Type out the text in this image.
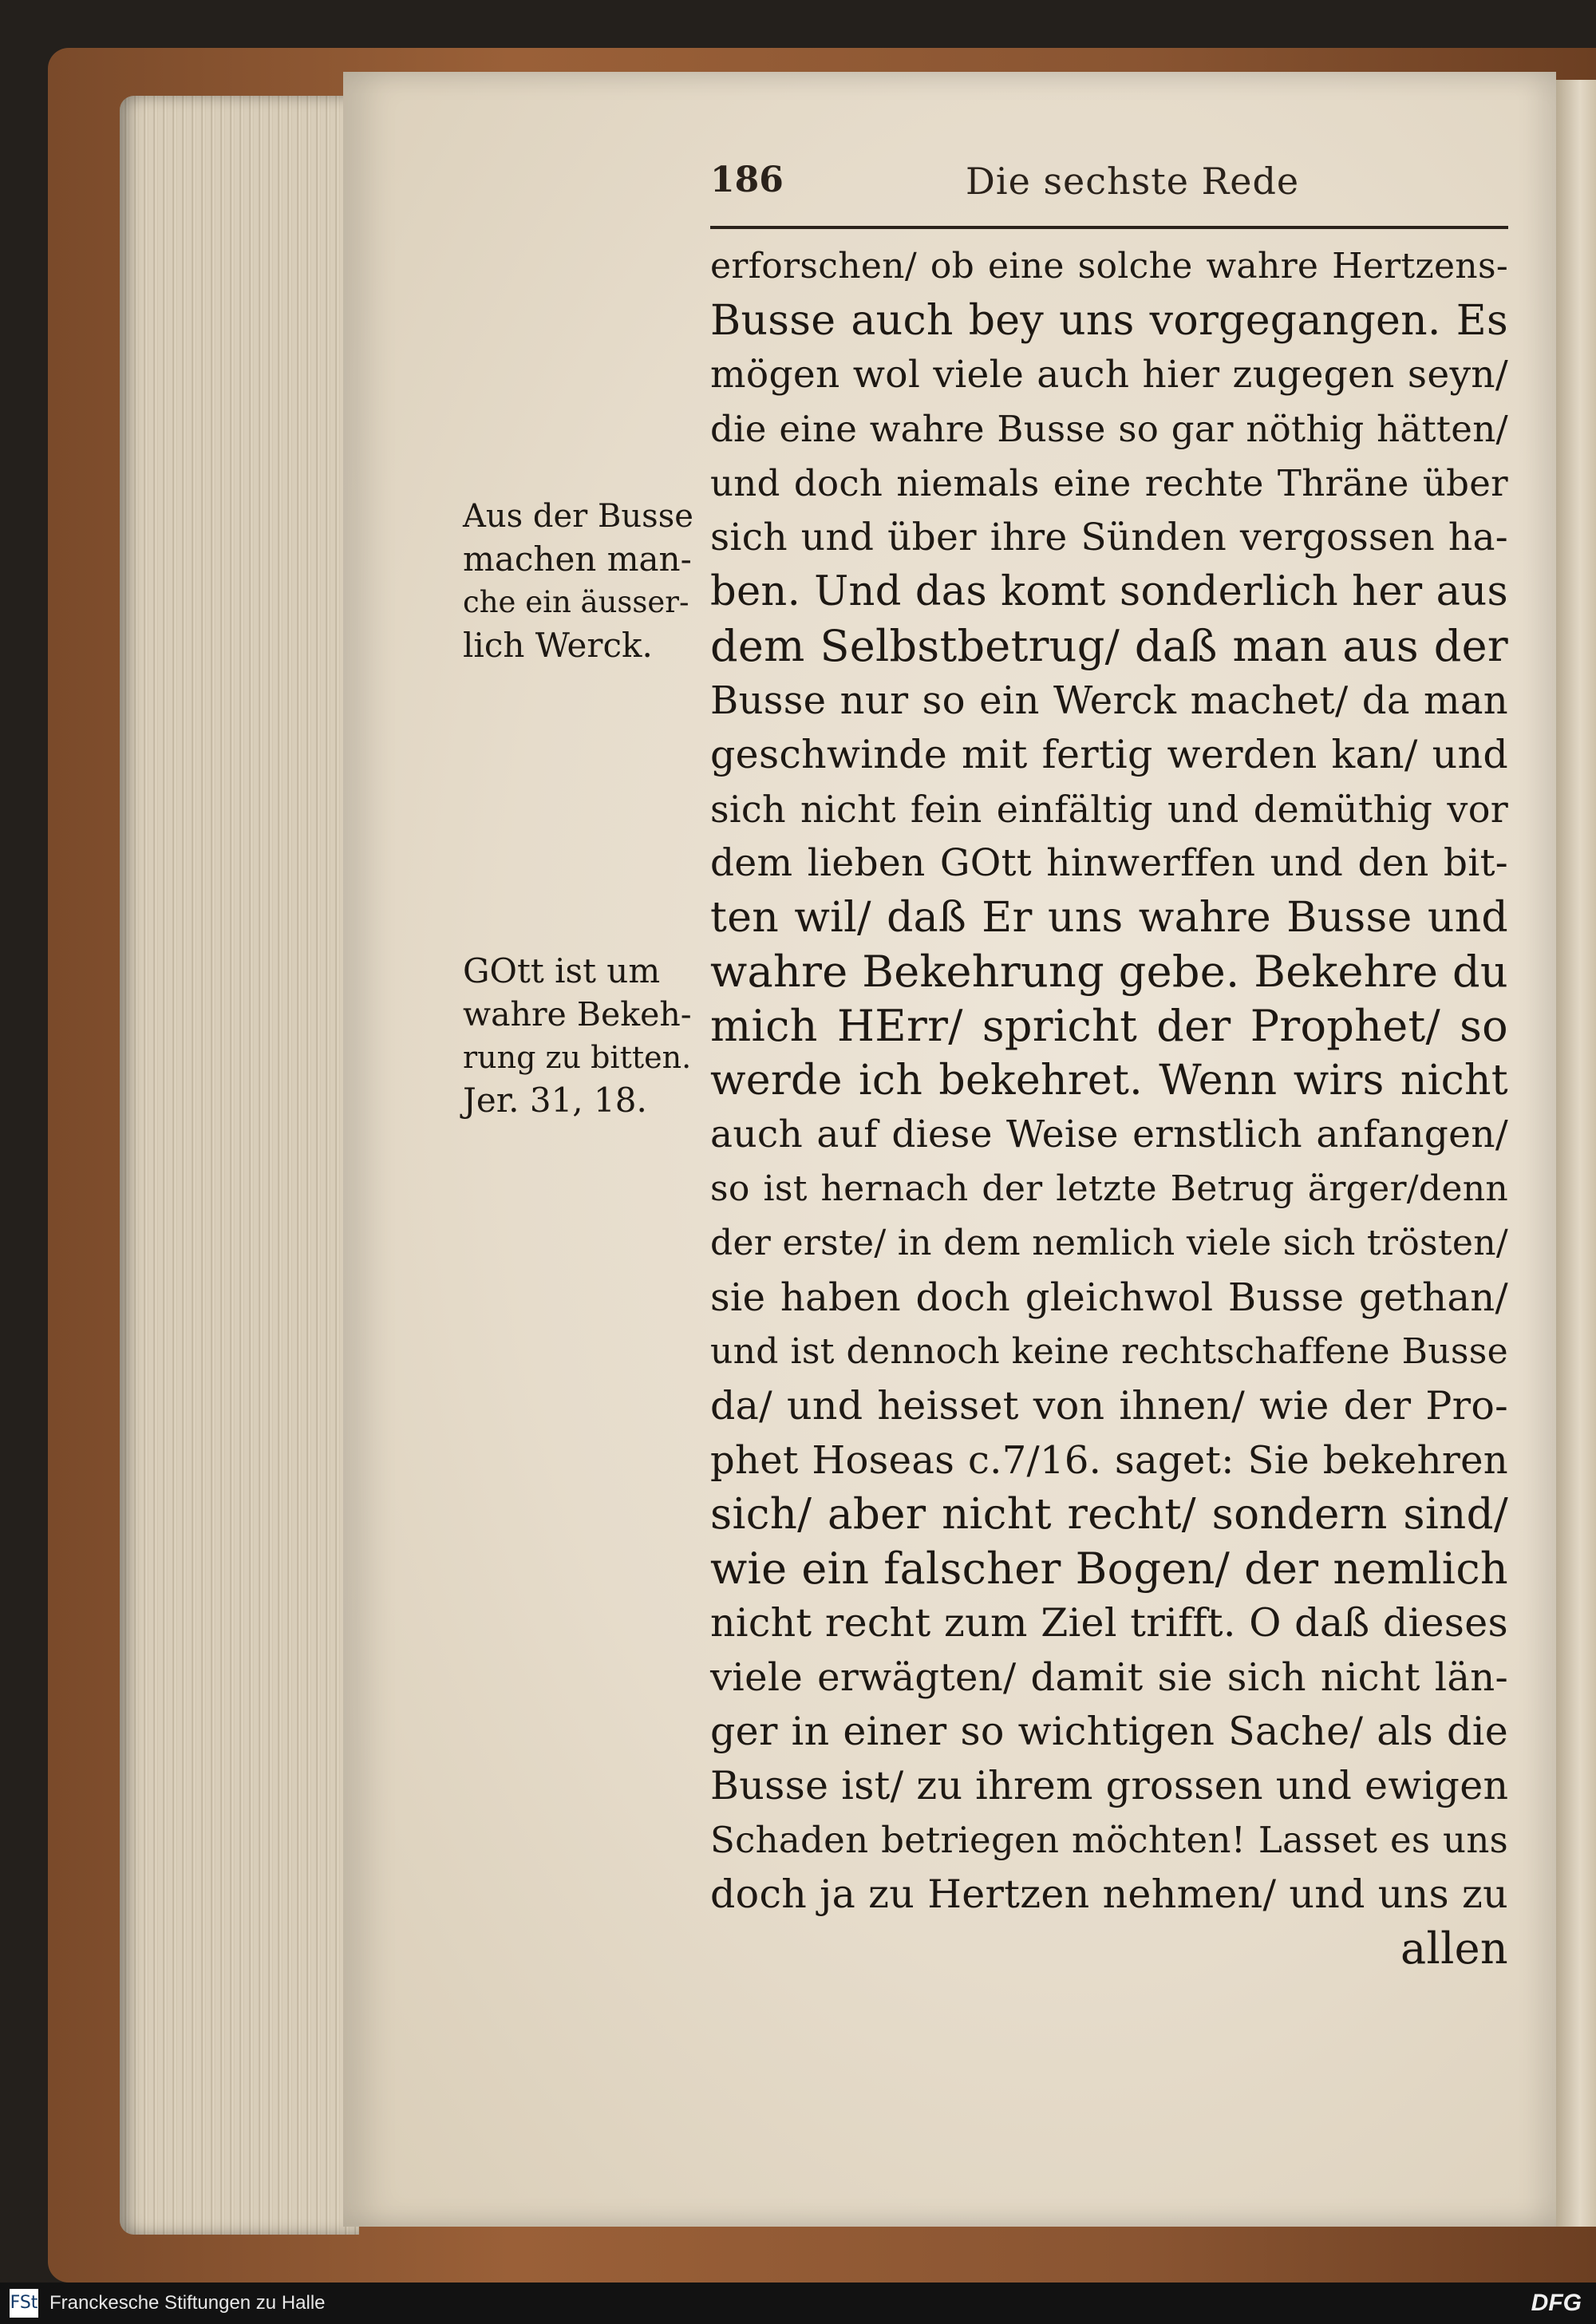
186	Die sechste Rede
erforschen/ ob eine solche wahre Hertzens-
Busse auch bey uns vorgegangen. Es
mögen wol viele auch hier zugegen seyn/
die eine wahre Busse so gar nöthig hätten/
und doch niemals eine rechte Thräne über
sich und über ihre Sünden vergossen ha-
ben. Und das komt sonderlich her aus
dem Selbstbetrug/ daß man aus der
Busse nur so ein Werck machet/ da man
geschwinde mit fertig werden kan/ und
sich nicht fein einfältig und demüthig vor
dem lieben GOtt hinwerffen und den bit-
ten wil/ daß Er uns wahre Busse und
wahre Bekehrung gebe. Bekehre du
mich HErr/ spricht der Prophet/ so
werde ich bekehret. Wenn wirs nicht
auch auf diese Weise ernstlich anfangen/
so ist hernach der letzte Betrug ärger/denn
der erste/ in dem nemlich viele sich trösten/
sie haben doch gleichwol Busse gethan/
und ist dennoch keine rechtschaffene Busse
da/ und heisset von ihnen/ wie der Pro-
phet Hoseas c.7/16. saget: Sie bekehren
sich/ aber nicht recht/ sondern sind/
wie ein falscher Bogen/ der nemlich
nicht recht zum Ziel trifft. O daß dieses
viele erwägten/ damit sie sich nicht län-
ger in einer so wichtigen Sache/ als die
Busse ist/ zu ihrem grossen und ewigen
Schaden betriegen möchten! Lasset es uns
doch ja zu Hertzen nehmen/ und uns zu
allen
Aus der Busse
machen man-
che ein äusser-
lich Werck.
GOtt ist um
wahre Bekeh-
rung zu bitten.
Jer. 31, 18.
FSt Franckesche Stiftungen zu Halle	DFG
